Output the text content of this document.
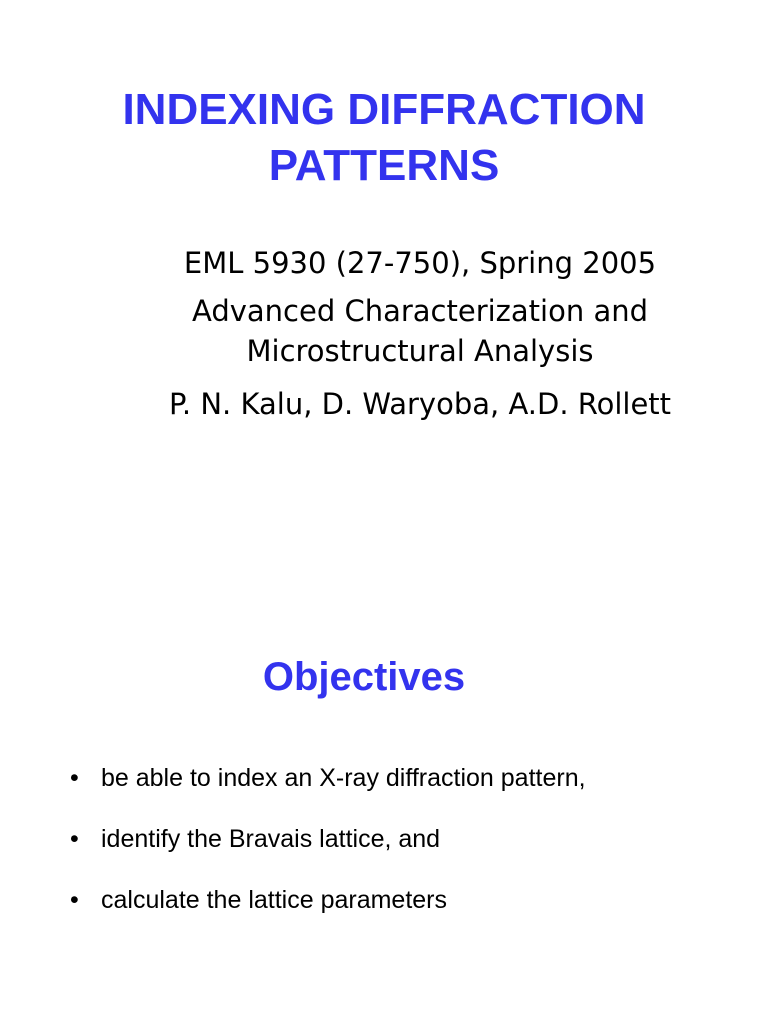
INDEXING DIFFRACTION
PATTERNS
EML 5930 (27-750), Spring 2005
Advanced Characterization and Microstructural Analysis
P. N. Kalu, D. Waryoba, A.D. Rollett
Objectives
• be able to index an X-ray diffraction pattern,
• identify the Bravais lattice, and
• calculate the lattice parameters
